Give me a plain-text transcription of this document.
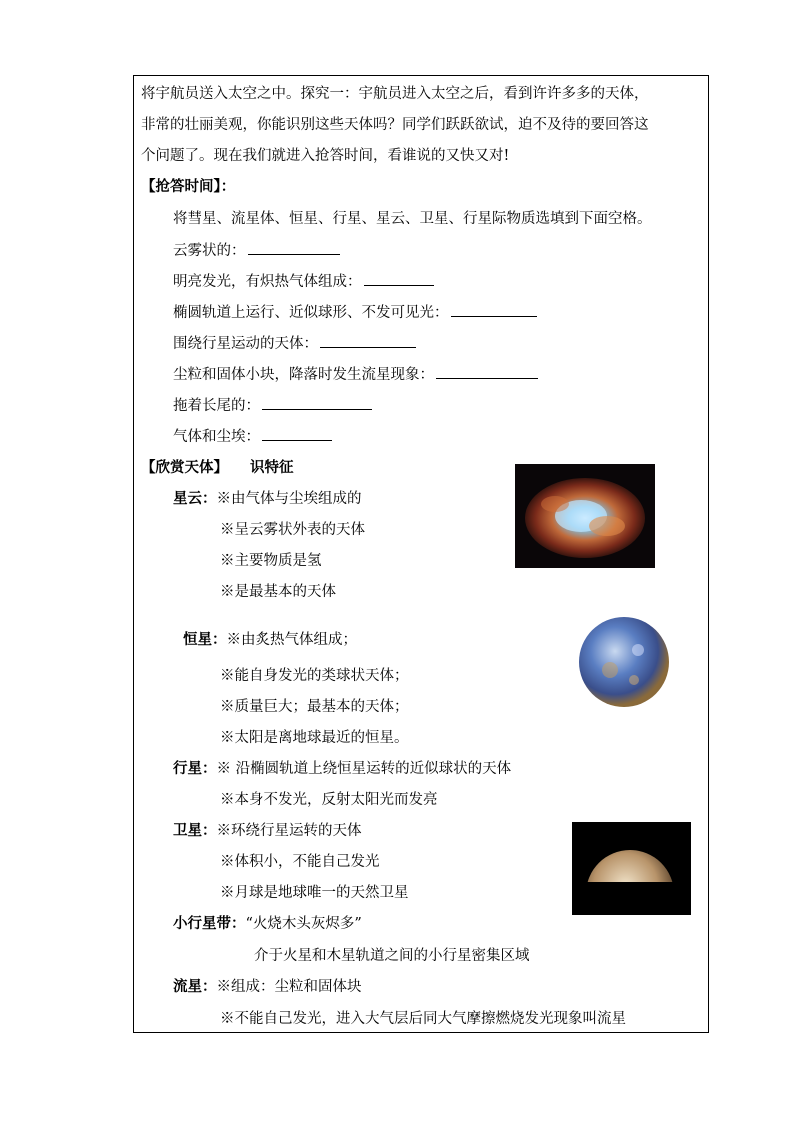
将宇航员送入太空之中。探究一：宇航员进入太空之后，看到许许多多的天体，
非常的壮丽美观，你能识别这些天体吗？同学们跃跃欲试，迫不及待的要回答这
个问题了。现在我们就进入抢答时间，看谁说的又快又对!
【抢答时间】：
将彗星、流星体、恒星、行星、星云、卫星、行星际物质选填到下面空格。
云雾状的：
明亮发光，有炽热气体组成：
椭圆轨道上运行、近似球形、不发可见光：
围绕行星运动的天体：
尘粒和固体小块，降落时发生流星现象：
拖着长尾的：
气体和尘埃：
【欣赏天体】 识特征
星云：※由气体与尘埃组成的
※呈云雾状外表的天体
※主要物质是氢
※是最基本的天体
恒星：※由炙热气体组成；
※能自身发光的类球状天体；
※质量巨大；最基本的天体；
※太阳是离地球最近的恒星。
行星：※ 沿椭圆轨道上绕恒星运转的近似球状的天体
※本身不发光，反射太阳光而发亮
卫星：※环绕行星运转的天体
※体积小，不能自己发光
※月球是地球唯一的天然卫星
小行星带：“火烧木头灰烬多”
介于火星和木星轨道之间的小行星密集区域
流星：※组成：尘粒和固体块
※不能自己发光，进入大气层后同大气摩擦燃烧发光现象叫流星
